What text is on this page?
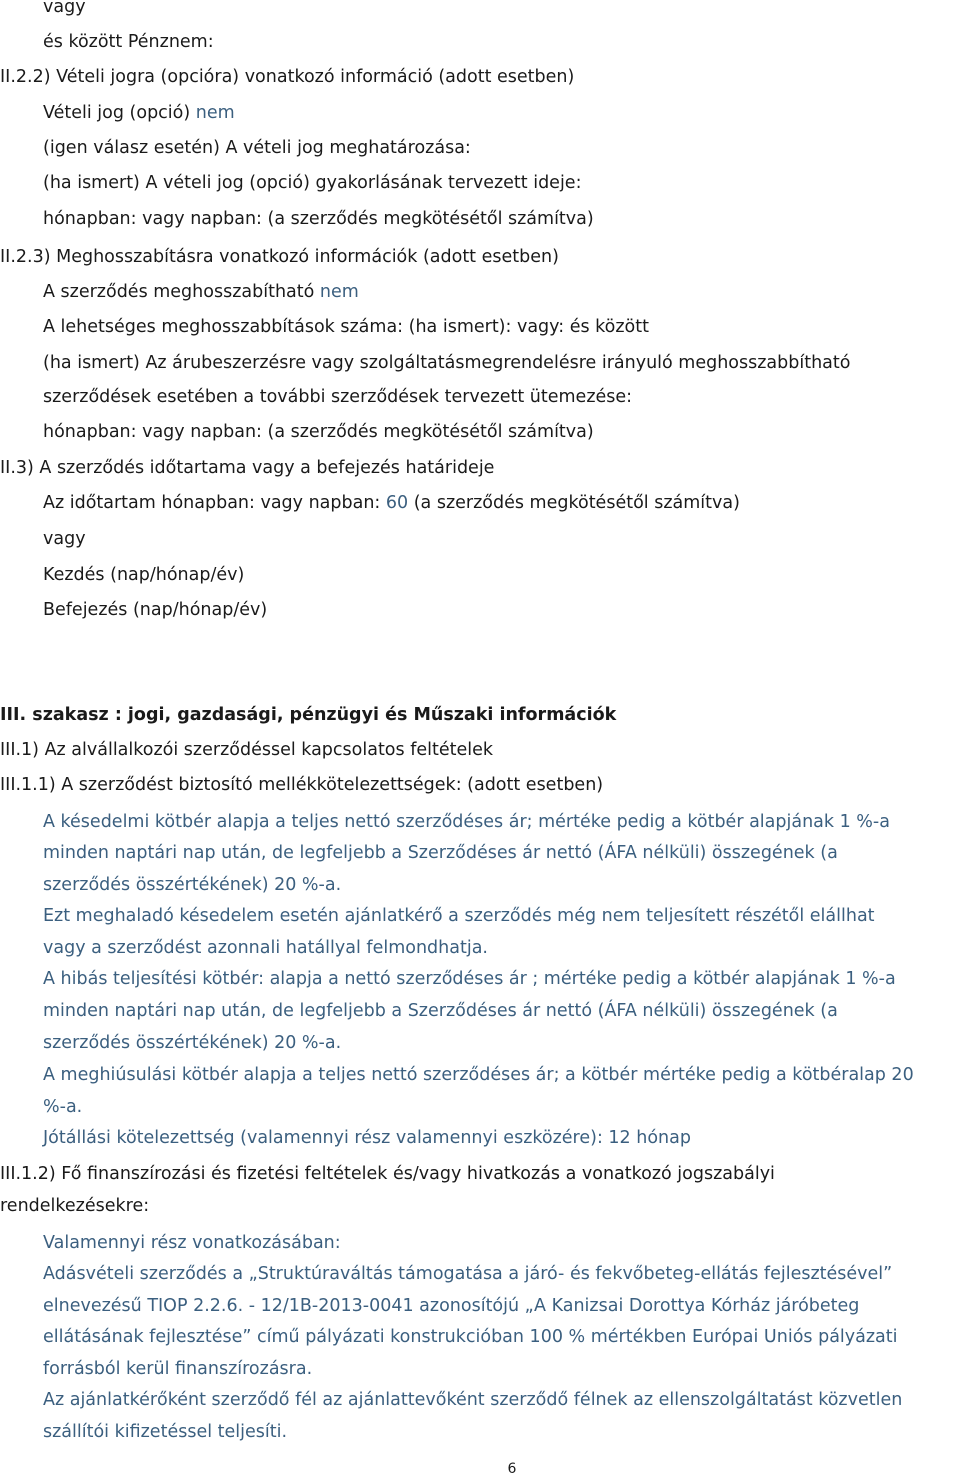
vagy
és között Pénznem:
II.2.2) Vételi jogra (opcióra) vonatkozó információ (adott esetben)
Vételi jog (opció) nem
(igen válasz esetén) A vételi jog meghatározása:
(ha ismert) A vételi jog (opció) gyakorlásának tervezett ideje:
hónapban: vagy napban: (a szerződés megkötésétől számítva)
II.2.3) Meghosszabításra vonatkozó információk (adott esetben)
A szerződés meghosszabítható nem
A lehetséges meghosszabbítások száma: (ha ismert): vagy: és között
(ha ismert) Az árubeszerzésre vagy szolgáltatásmegrendelésre irányuló meghosszabbítható
szerződések esetében a további szerződések tervezett ütemezése:
hónapban: vagy napban: (a szerződés megkötésétől számítva)
II.3) A szerződés időtartama vagy a befejezés határideje
Az időtartam hónapban: vagy napban: 60 (a szerződés megkötésétől számítva)
vagy
Kezdés (nap/hónap/év)
Befejezés (nap/hónap/év)
III. szakasz : jogi, gazdasági, pénzügyi és Műszaki információk
III.1) Az alvállalkozói szerződéssel kapcsolatos feltételek
III.1.1) A szerződést biztosító mellékkötelezettségek: (adott esetben)
A késedelmi kötbér alapja a teljes nettó szerződéses ár; mértéke pedig a kötbér alapjának 1 %-a
minden naptári nap után, de legfeljebb a Szerződéses ár nettó (ÁFA nélküli) összegének (a
szerződés összértékének) 20 %-a.
Ezt meghaladó késedelem esetén ajánlatkérő a szerződés még nem teljesített részétől elállhat
vagy a szerződést azonnali hatállyal felmondhatja.
A hibás teljesítési kötbér: alapja a nettó szerződéses ár ; mértéke pedig a kötbér alapjának 1 %-a
minden naptári nap után, de legfeljebb a Szerződéses ár nettó (ÁFA nélküli) összegének (a
szerződés összértékének) 20 %-a.
A meghiúsulási kötbér alapja a teljes nettó szerződéses ár; a kötbér mértéke pedig a kötbéralap 20
%-a.
Jótállási kötelezettség (valamennyi rész valamennyi eszközére): 12 hónap
III.1.2) Fő finanszírozási és fizetési feltételek és/vagy hivatkozás a vonatkozó jogszabályi
rendelkezésekre:
Valamennyi rész vonatkozásában:
Adásvételi szerződés a „Struktúraváltás támogatása a járó- és fekvőbeteg-ellátás fejlesztésével”
elnevezésű TIOP 2.2.6. - 12/1B-2013-0041 azonosítójú „A Kanizsai Dorottya Kórház járóbeteg
ellátásának fejlesztése” című pályázati konstrukcióban 100 % mértékben Európai Uniós pályázati
forrásból kerül finanszírozásra.
Az ajánlatkérőként szerződő fél az ajánlattevőként szerződő félnek az ellenszolgáltatást közvetlen
szállítói kifizetéssel teljesíti.
6
